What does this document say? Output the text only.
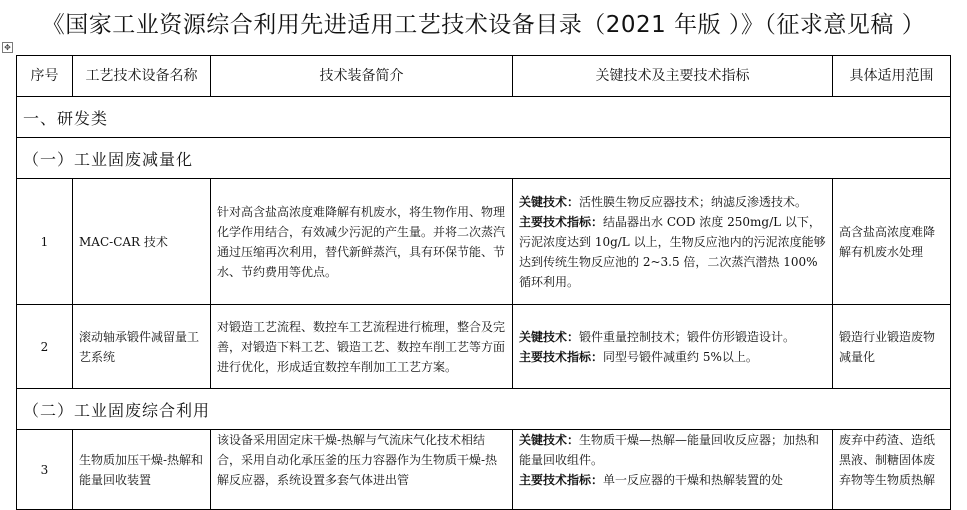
《国家工业资源综合利用先进适用工艺技术设备目录（2021 年版 ）》（征求意见稿 ）
✥
序号	工艺技术设备名称	技术装备简介	关键技术及主要技术指标	具体适用范围
一、研发类				
（一）工业固废减量化				
1	MAC-CAR 技术	针对高含盐高浓度难降解有机废水，将生物作用、物理化学作用结合，有效减少污泥的产生量。并将二次蒸汽通过压缩再次利用，替代新鲜蒸汽，具有环保节能、节水、节约费用等优点。	关键技术：活性膜生物反应器技术；纳滤反渗透技术。
主要技术指标：结晶器出水 COD 浓度 250mg/L 以下，污泥浓度达到 10g/L 以上，生物反应池内的污泥浓度能够达到传统生物反应池的 2~3.5 倍，二次蒸汽潜热 100%循环利用。	高含盐高浓度难降解有机废水处理
2	滚动轴承锻件减留量工艺系统	对锻造工艺流程、数控车工艺流程进行梳理，整合及完善，对锻造下料工艺、锻造工艺、数控车削工艺等方面进行优化，形成适宜数控车削加工工艺方案。	关键技术：锻件重量控制技术；锻件仿形锻造设计。
主要技术指标：同型号锻件减重约 5%以上。	锻造行业锻造废物减量化
（二）工业固废综合利用				
3	生物质加压干燥-热解和能量回收装置	该设备采用固定床干燥-热解与气流床气化技术相结合，采用自动化承压釜的压力容器作为生物质干燥-热解反应器，系统设置多套气体进出管	关键技术：生物质干燥—热解—能量回收反应器；加热和能量回收组件。
主要技术指标：单一反应器的干燥和热解装置的处	废弃中药渣、造纸黑液、制糖固体废弃物等生物质热解
